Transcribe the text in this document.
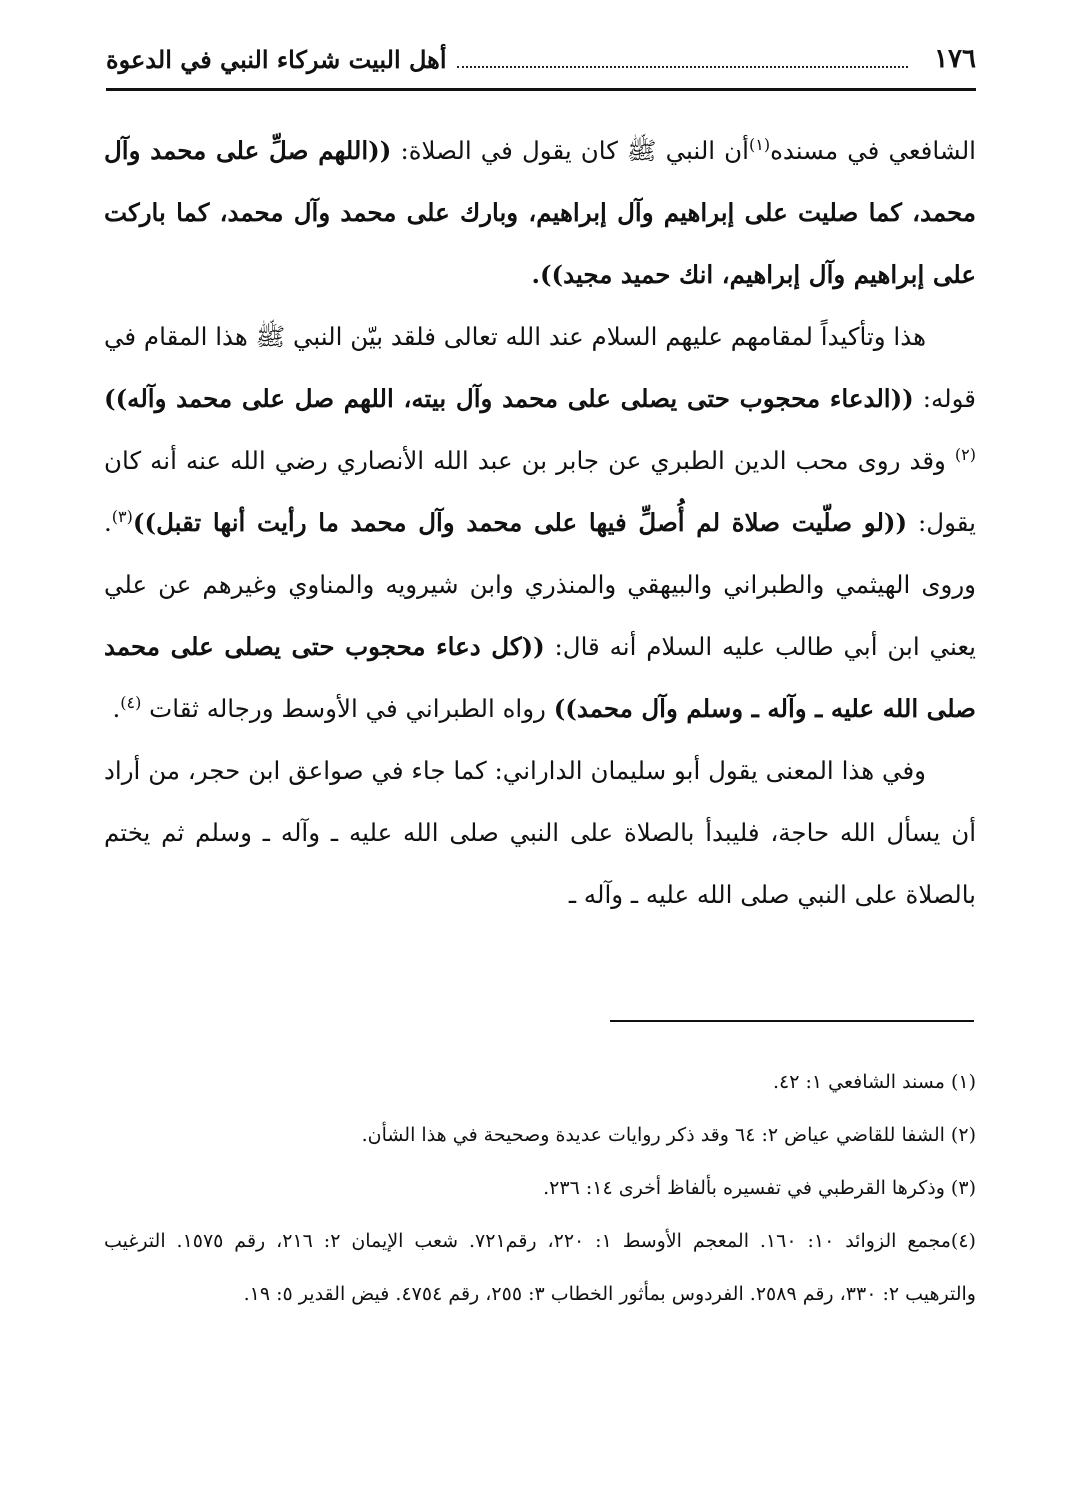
١٧٦
أهل البيت شركاء النبي في الدعوة

الشافعي في مسنده$^{(١)}$أن النبي ﷺ كان يقول في الصلاة: ((اللهم صلِّ على محمد وآل محمد، كما صليت على إبراهيم وآل إبراهيم، وبارك على محمد وآل محمد، كما باركت على إبراهيم وآل إبراهيم، انك حميد مجيد)).

هذا وتأكيداً لمقامهم عليهم السلام عند الله تعالى فلقد بيّن النبي ﷺ هذا المقام في قوله: ((الدعاء محجوب حتى يصلى على محمد وآل بيته، اللهم صل على محمد وآله))$^{(٢)}$ وقد روى محب الدين الطبري عن جابر بن عبد الله الأنصاري رضي الله عنه أنه كان يقول: ((لو صلّيت صلاة لم أُصلِّ فيها على محمد وآل محمد ما رأيت أنها تقبل))$^{(٣)}$. وروى الهيثمي والطبراني والبيهقي والمنذري وابن شيرويه والمناوي وغيرهم عن علي يعني ابن أبي طالب عليه السلام أنه قال: ((كل دعاء محجوب حتى يصلى على محمد صلى الله عليه ـ وآله ـ وسلم وآل محمد)) رواه الطبراني في الأوسط ورجاله ثقات $^{(٤)}$.

وفي هذا المعنى يقول أبو سليمان الداراني: كما جاء في صواعق ابن حجر، من أراد أن يسأل الله حاجة، فليبدأ بالصلاة على النبي صلى الله عليه ـ وآله ـ وسلم ثم يختم بالصلاة على النبي صلى الله عليه ـ وآله ـ

(١) مسند الشافعي ١: ٤٢.

(٢) الشفا للقاضي عياض ٢: ٦٤ وقد ذكر روايات عديدة وصحيحة في هذا الشأن.

(٣) وذكرها القرطبي في تفسيره بألفاظ أخرى ١٤: ٢٣٦.

(٤)مجمع الزوائد ١٠: ١٦٠. المعجم الأوسط ١: ٢٢٠، رقم٧٢١. شعب الإيمان ٢: ٢١٦، رقم ١٥٧٥. الترغيب والترهيب ٢: ٣٣٠، رقم ٢٥٨٩. الفردوس بمأثور الخطاب ٣: ٢٥٥، رقم ٤٧٥٤. فيض القدير ٥: ١٩.
